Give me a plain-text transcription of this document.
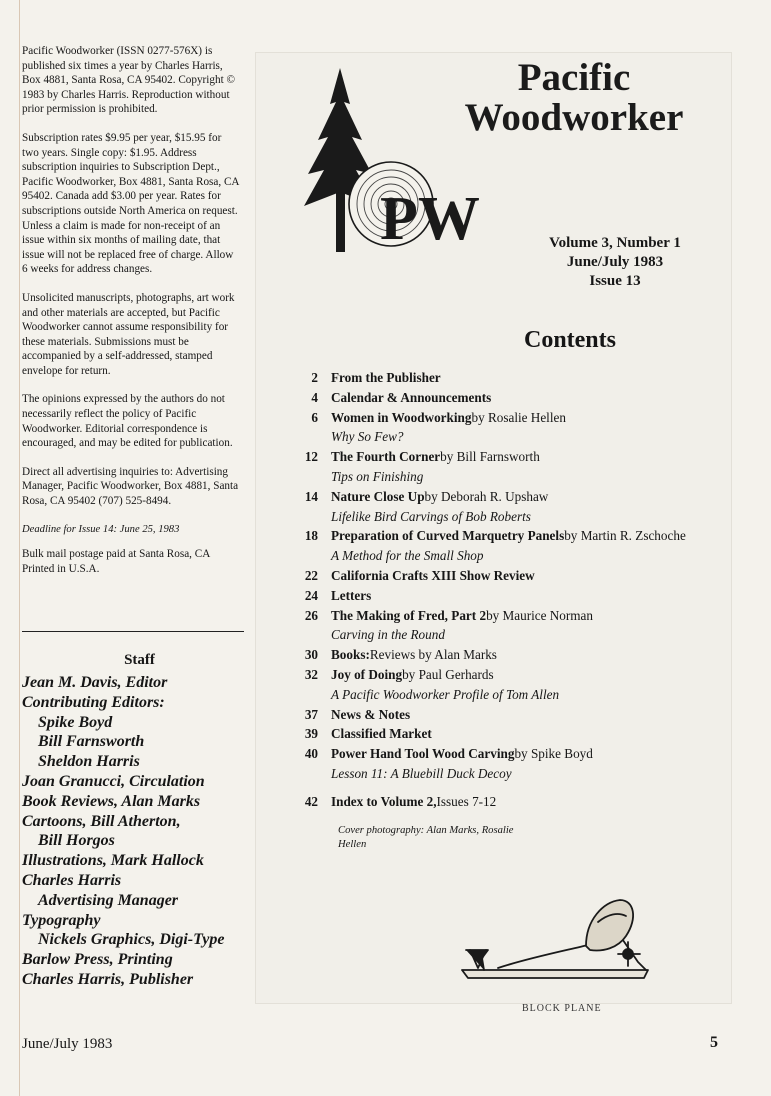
Pacific Woodworker (ISSN 0277-576X) is published six times a year by Charles Harris, Box 4881, Santa Rosa, CA 95402. Copyright © 1983 by Charles Harris. Reproduction without prior permission is prohibited.

Subscription rates $9.95 per year, $15.95 for two years. Single copy: $1.95. Address subscription inquiries to Subscription Dept., Pacific Woodworker, Box 4881, Santa Rosa, CA 95402. Canada add $3.00 per year. Rates for subscriptions outside North America on request. Unless a claim is made for non-receipt of an issue within six months of mailing date, that issue will not be replaced free of charge. Allow 6 weeks for address changes.

Unsolicited manuscripts, photographs, art work and other materials are accepted, but Pacific Woodworker cannot assume responsibility for these materials. Submissions must be accompanied by a self-addressed, stamped envelope for return.

The opinions expressed by the authors do not necessarily reflect the policy of Pacific Woodworker. Editorial correspondence is encouraged, and may be edited for publication.

Direct all advertising inquiries to: Advertising Manager, Pacific Woodworker, Box 4881, Santa Rosa, CA 95402 (707) 525-8494.

Deadline for Issue 14: June 25, 1983

Bulk mail postage paid at Santa Rosa, CA Printed in U.S.A.

Staff
Jean M. Davis, Editor
Contributing Editors:
Spike Boyd
Bill Farnsworth
Sheldon Harris
Joan Granucci, Circulation
Book Reviews, Alan Marks
Cartoons, Bill Atherton,
Bill Horgos
Illustrations, Mark Hallock
Charles Harris
Advertising Manager
Typography
Nickels Graphics, Digi-Type
Barlow Press, Printing
Charles Harris, Publisher
PW
Pacific
Woodworker
Volume 3, Number 1
June/July 1983
Issue 13
Contents
2 From the Publisher
4 Calendar & Announcements
6 Women in Woodworking by Rosalie Hellen
Why So Few?
12 The Fourth Corner by Bill Farnsworth
Tips on Finishing
14 Nature Close Up by Deborah R. Upshaw
Lifelike Bird Carvings of Bob Roberts
18 Preparation of Curved Marquetry Panels by Martin R. Zschoche
A Method for the Small Shop
22 California Crafts XIII Show Review
24 Letters
26 The Making of Fred, Part 2 by Maurice Norman
Carving in the Round
30 Books: Reviews by Alan Marks
32 Joy of Doing by Paul Gerhards
A Pacific Woodworker Profile of Tom Allen
37 News & Notes
39 Classified Market
40 Power Hand Tool Wood Carving by Spike Boyd
Lesson 11: A Bluebill Duck Decoy
42 Index to Volume 2, Issues 7-12
Cover photography: Alan Marks, Rosalie Hellen
BLOCK PLANE
June/July 1983	5
